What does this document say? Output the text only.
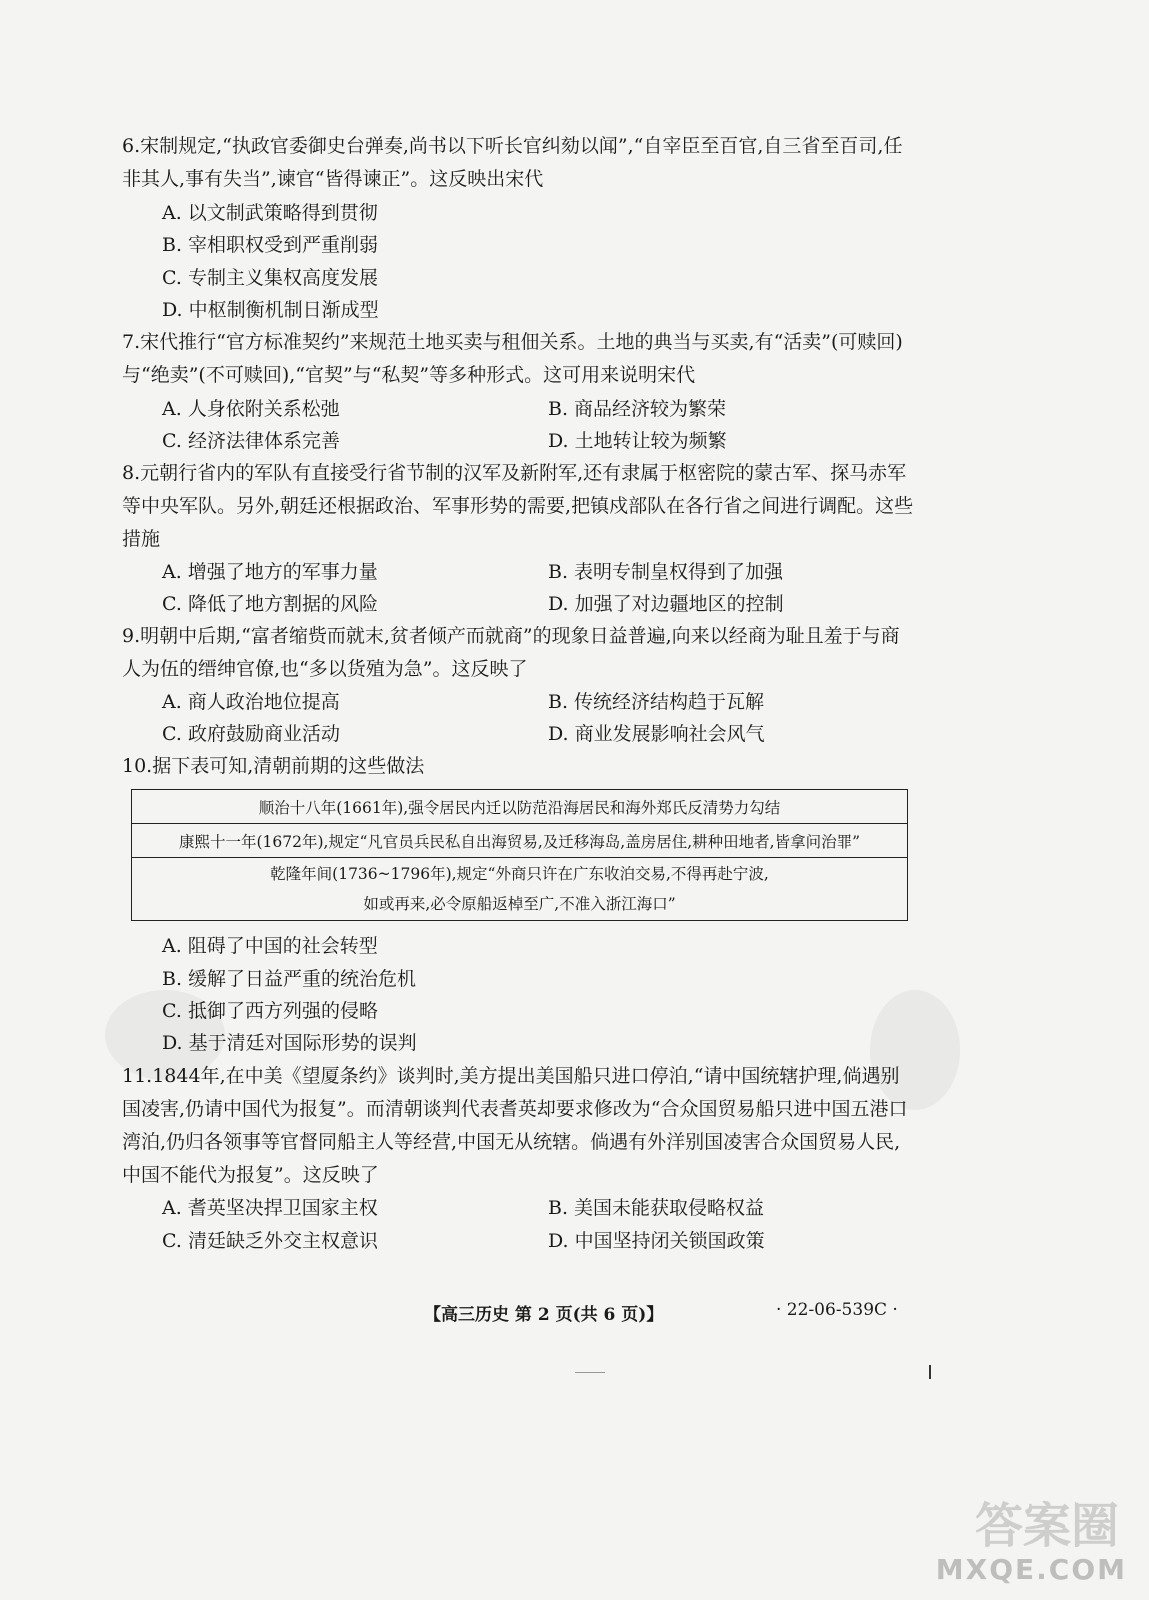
6.宋制规定,“执政官委御史台弹奏,尚书以下听长官纠劾以闻”,“自宰臣至百官,自三省至百司,任非其人,事有失当”,谏官“皆得谏正”。这反映出宋代
A. 以文制武策略得到贯彻
B. 宰相职权受到严重削弱
C. 专制主义集权高度发展
D. 中枢制衡机制日渐成型
7.宋代推行“官方标准契约”来规范土地买卖与租佃关系。土地的典当与买卖,有“活卖”(可赎回)与“绝卖”(不可赎回),“官契”与“私契”等多种形式。这可用来说明宋代
A. 人身依附关系松弛	B. 商品经济较为繁荣
C. 经济法律体系完善	D. 土地转让较为频繁
8.元朝行省内的军队有直接受行省节制的汉军及新附军,还有隶属于枢密院的蒙古军、探马赤军等中央军队。另外,朝廷还根据政治、军事形势的需要,把镇戍部队在各行省之间进行调配。这些措施
A. 增强了地方的军事力量	B. 表明专制皇权得到了加强
C. 降低了地方割据的风险	D. 加强了对边疆地区的控制
9.明朝中后期,“富者缩赀而就末,贫者倾产而就商”的现象日益普遍,向来以经商为耻且羞于与商人为伍的缙绅官僚,也“多以货殖为急”。这反映了
A. 商人政治地位提高	B. 传统经济结构趋于瓦解
C. 政府鼓励商业活动	D. 商业发展影响社会风气
10.据下表可知,清朝前期的这些做法
顺治十八年(1661年),强令居民内迁以防范沿海居民和海外郑氏反清势力勾结
康熙十一年(1672年),规定“凡官员兵民私自出海贸易,及迁移海岛,盖房居住,耕种田地者,皆拿问治罪”

乾隆年间(1736~1796年),规定“外商只许在广东收泊交易,不得再赴宁波,
如或再来,必令原船返棹至广,不准入浙江海口”
A. 阻碍了中国的社会转型
B. 缓解了日益严重的统治危机
C. 抵御了西方列强的侵略
D. 基于清廷对国际形势的误判
11.1844年,在中美《望厦条约》谈判时,美方提出美国船只进口停泊,“请中国统辖护理,倘遇别国凌害,仍请中国代为报复”。而清朝谈判代表耆英却要求修改为“合众国贸易船只进中国五港口湾泊,仍归各领事等官督同船主人等经营,中国无从统辖。倘遇有外洋别国凌害合众国贸易人民,中国不能代为报复”。这反映了
A. 耆英坚决捍卫国家主权	B. 美国未能获取侵略权益
C. 清廷缺乏外交主权意识	D. 中国坚持闭关锁国政策
【高三历史 第 2 页(共 6 页)】	· 22-06-539C ·
答案圈
MXQE.COM
